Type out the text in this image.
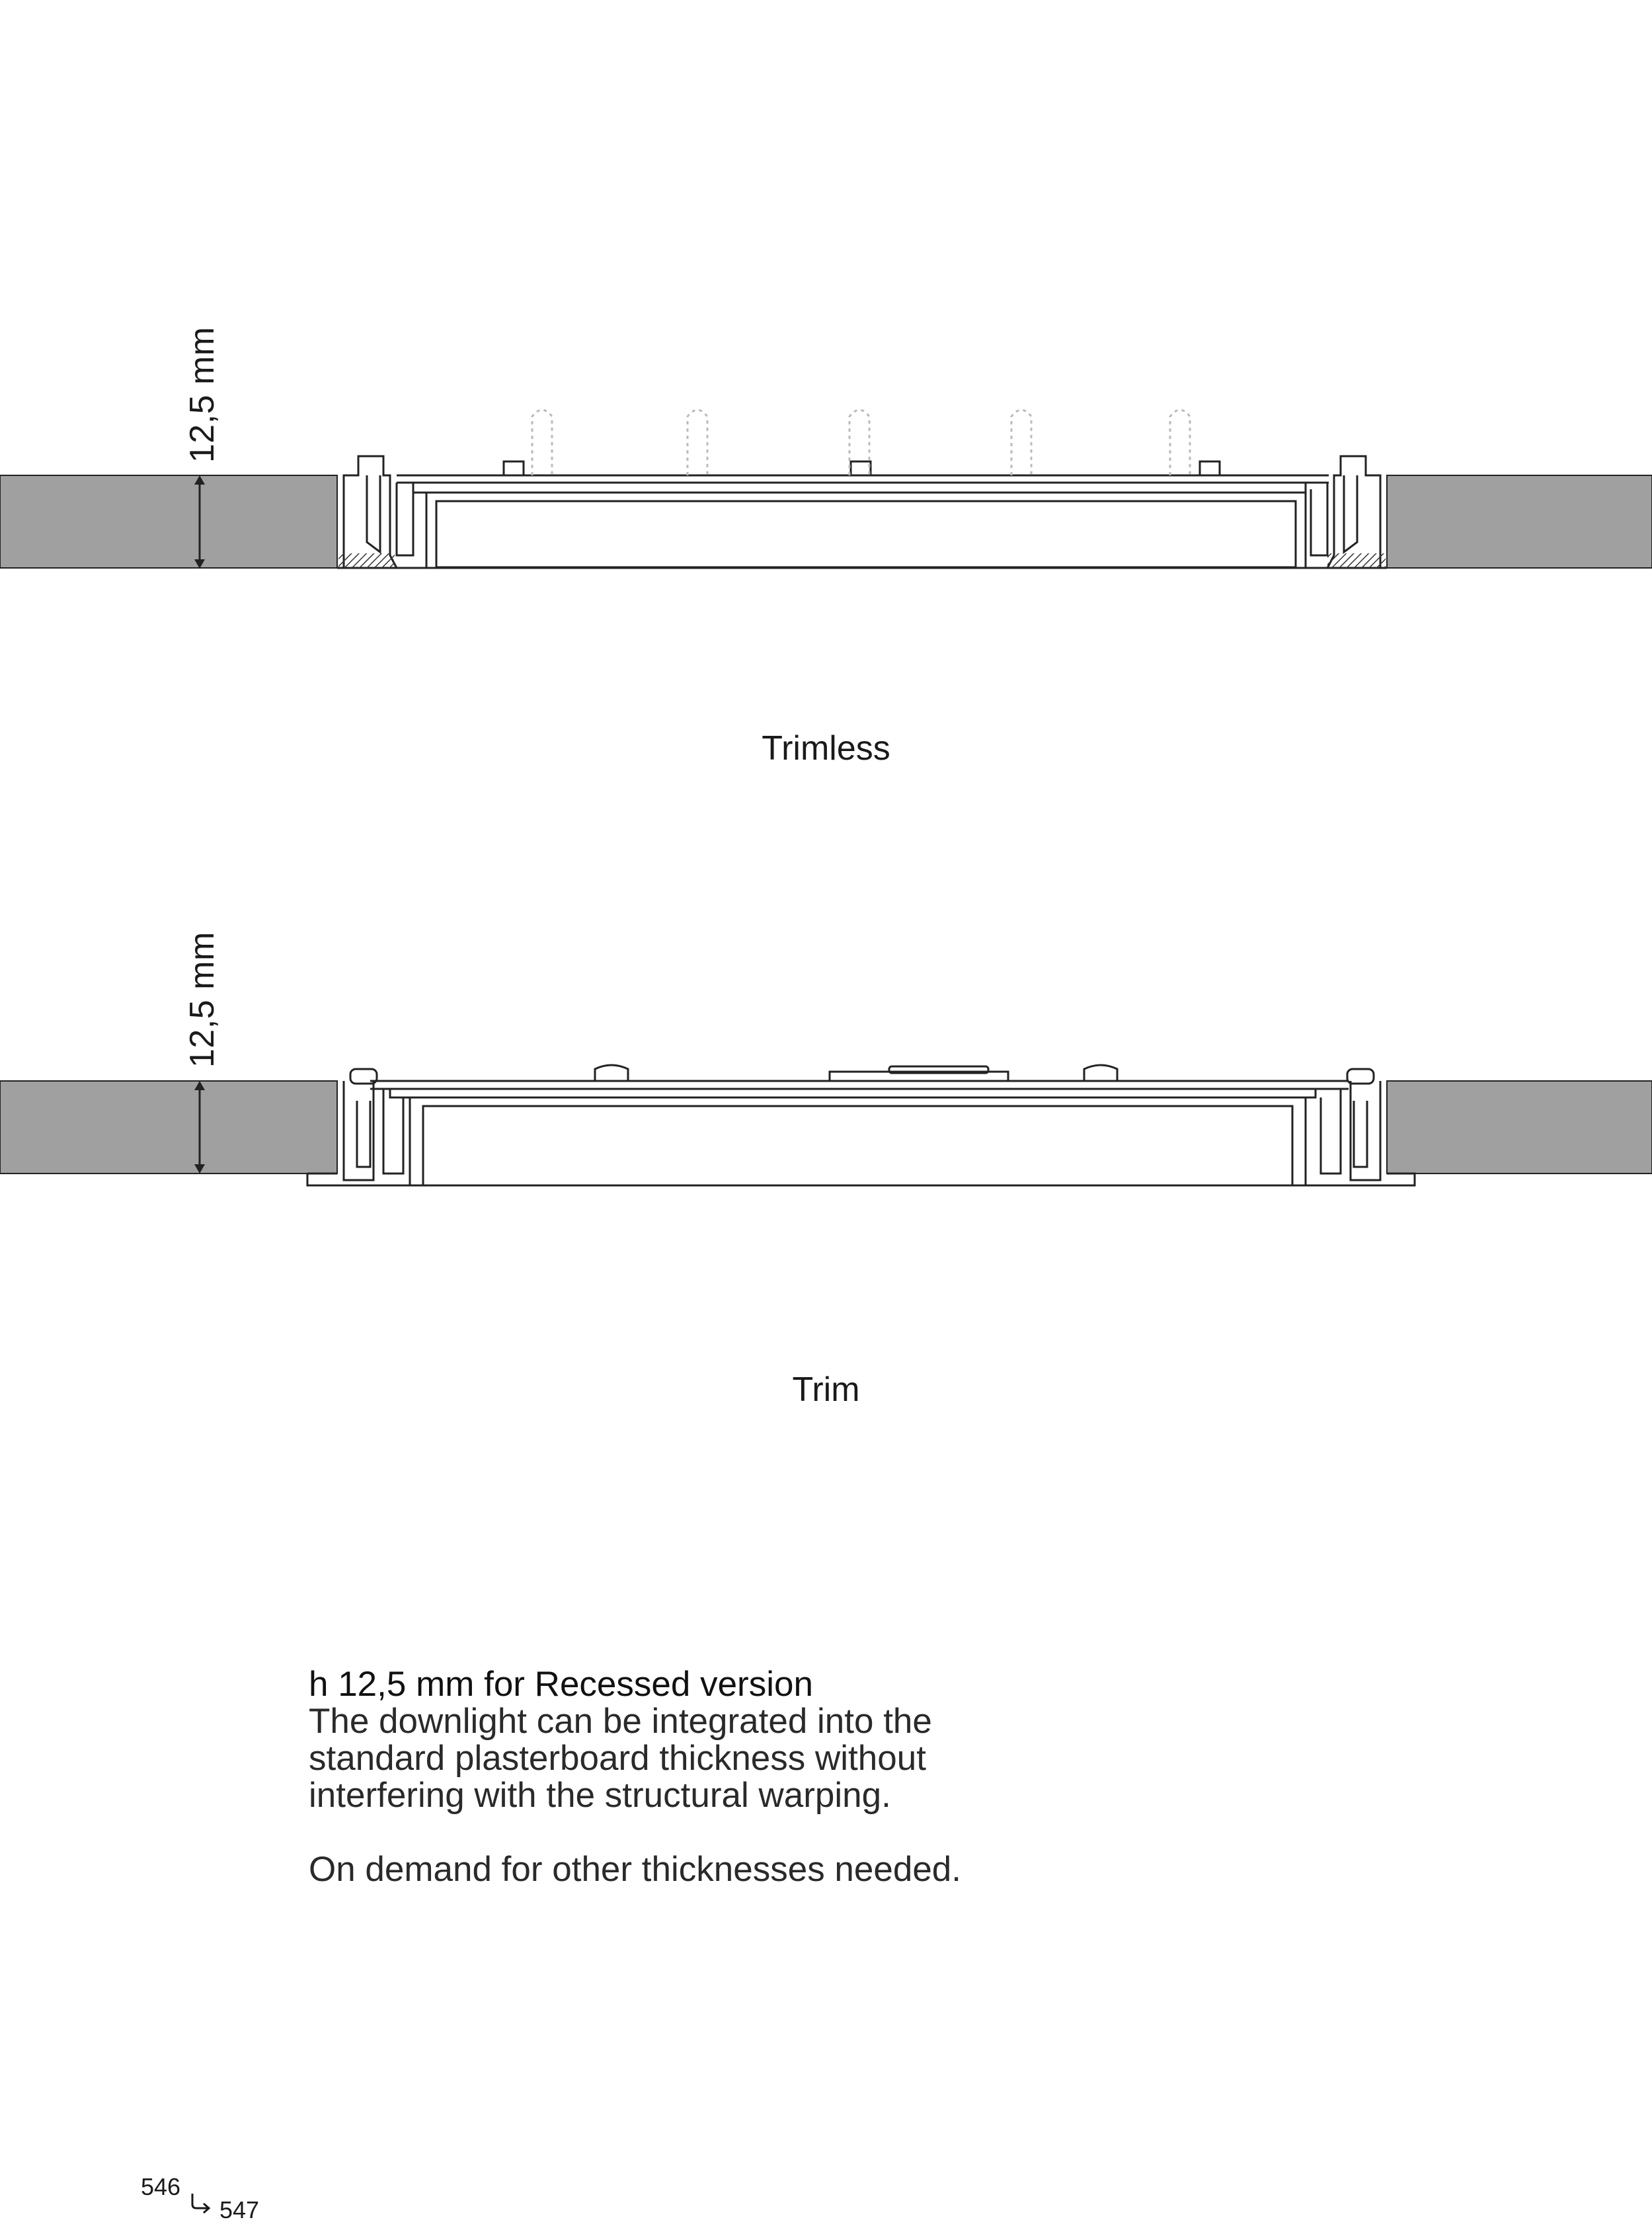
12,5 mm
Trimless
12,5 mm
Trim

h 12,5 mm for Recessed version

The downlight can be integrated into the

standard plasterboard thickness without

interfering with the structural warping.

On demand for other thicknesses needed.

546
547
